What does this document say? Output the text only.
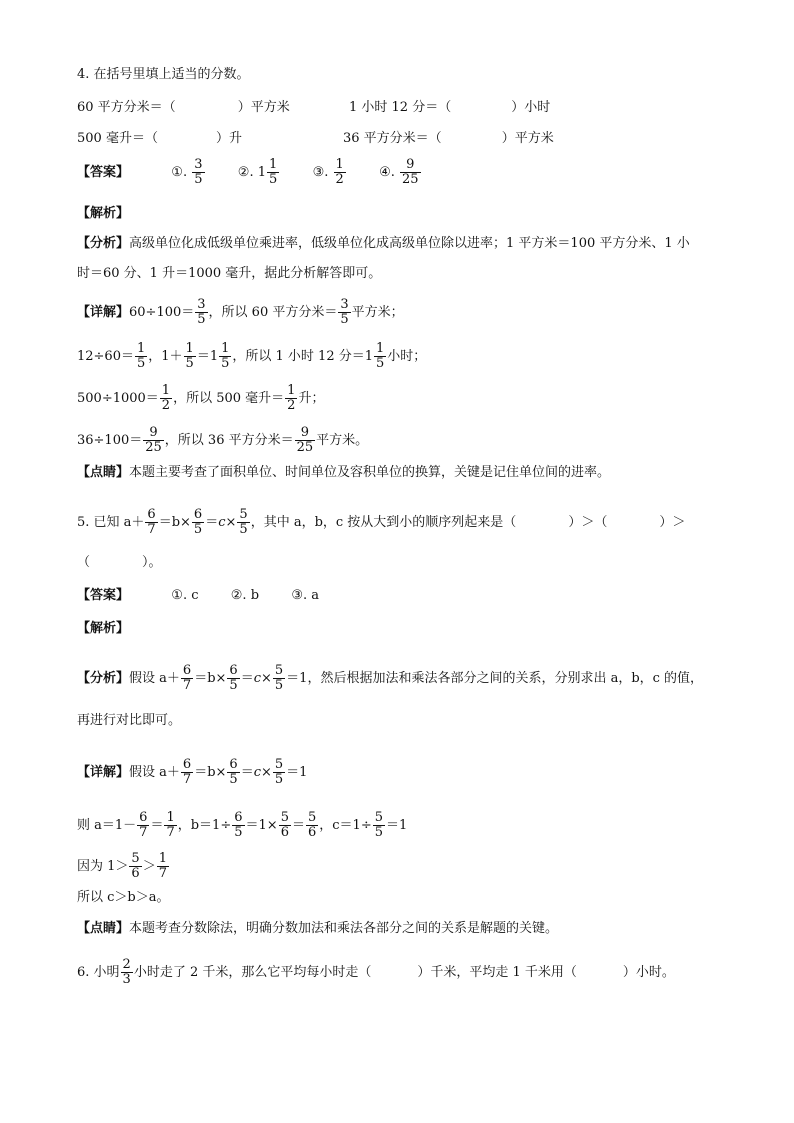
4. 在括号里填上适当的分数。
60 平方分米＝（	）平方米	1 小时 12 分＝（	）小时
500 毫升＝（	）升	36 平方分米＝（	）平方米
【答案】	①. $\frac{3}{5}$	②. $1 \frac{1}{5}$	③. $\frac{1}{2}$	④. $\frac{9}{25}$
【解析】
【分析】高级单位化成低级单位乘进率，低级单位化成高级单位除以进率；1 平方米＝100 平方分米、1 小
时＝60 分、1 升＝1000 毫升，据此分析解答即可。
【详解】$60\div 100= \frac{3}{5}$ ，所以 60 平方分米＝ $\frac{3}{5}$ 平方米；
$12\div 60= \frac{1}{5}$ ，$1+ \frac{1}{5} =1 \frac{1}{5}$ ，所以 1 小时 12 分$=1 \frac{1}{5}$ 小时；
$500\div 1000= \frac{1}{2}$ ，所以 500 毫升＝ $\frac{1}{2}$ 升；
$36\div 100= \frac{9}{25}$ ，所以 36 平方分米＝ $\frac{9}{25}$ 平方米。
【点睛】本题主要考查了面积单位、时间单位及容积单位的换算，关键是记住单位间的进率。
5. 已知 $a+ \frac{6}{7} =b\times \frac{6}{5} =c\times \frac{5}{5}$ ，其中 a，b，c 按从大到小的顺序列起来是（	）＞（	）＞
（	）。
【答案】	①. c ②. b ③. a
【解析】
【分析】假设 $a+ \frac{6}{7} =b\times \frac{6}{5} =c\times \frac{5}{5} =1$，然后根据加法和乘法各部分之间的关系，分别求出 a，b，c 的值，
再进行对比即可。
【详解】假设 $a+ \frac{6}{7} =b\times \frac{6}{5} =c\times \frac{5}{5} =1$
则 $a=1- \frac{6}{7} = \frac{1}{7}$ ，$b=1\div \frac{6}{5} =1\times \frac{5}{6} = \frac{5}{6}$ ，$c=1\div \frac{5}{5} =1$
因为 $1> \frac{5}{6} > \frac{1}{7}$
所以 c＞b＞a。
【点睛】本题考查分数除法，明确分数加法和乘法各部分之间的关系是解题的关键。
6. 小明 $\frac{2}{3}$ 小时走了 2 千米，那么它平均每小时走（	）千米，平均走 1 千米用（	）小时。
